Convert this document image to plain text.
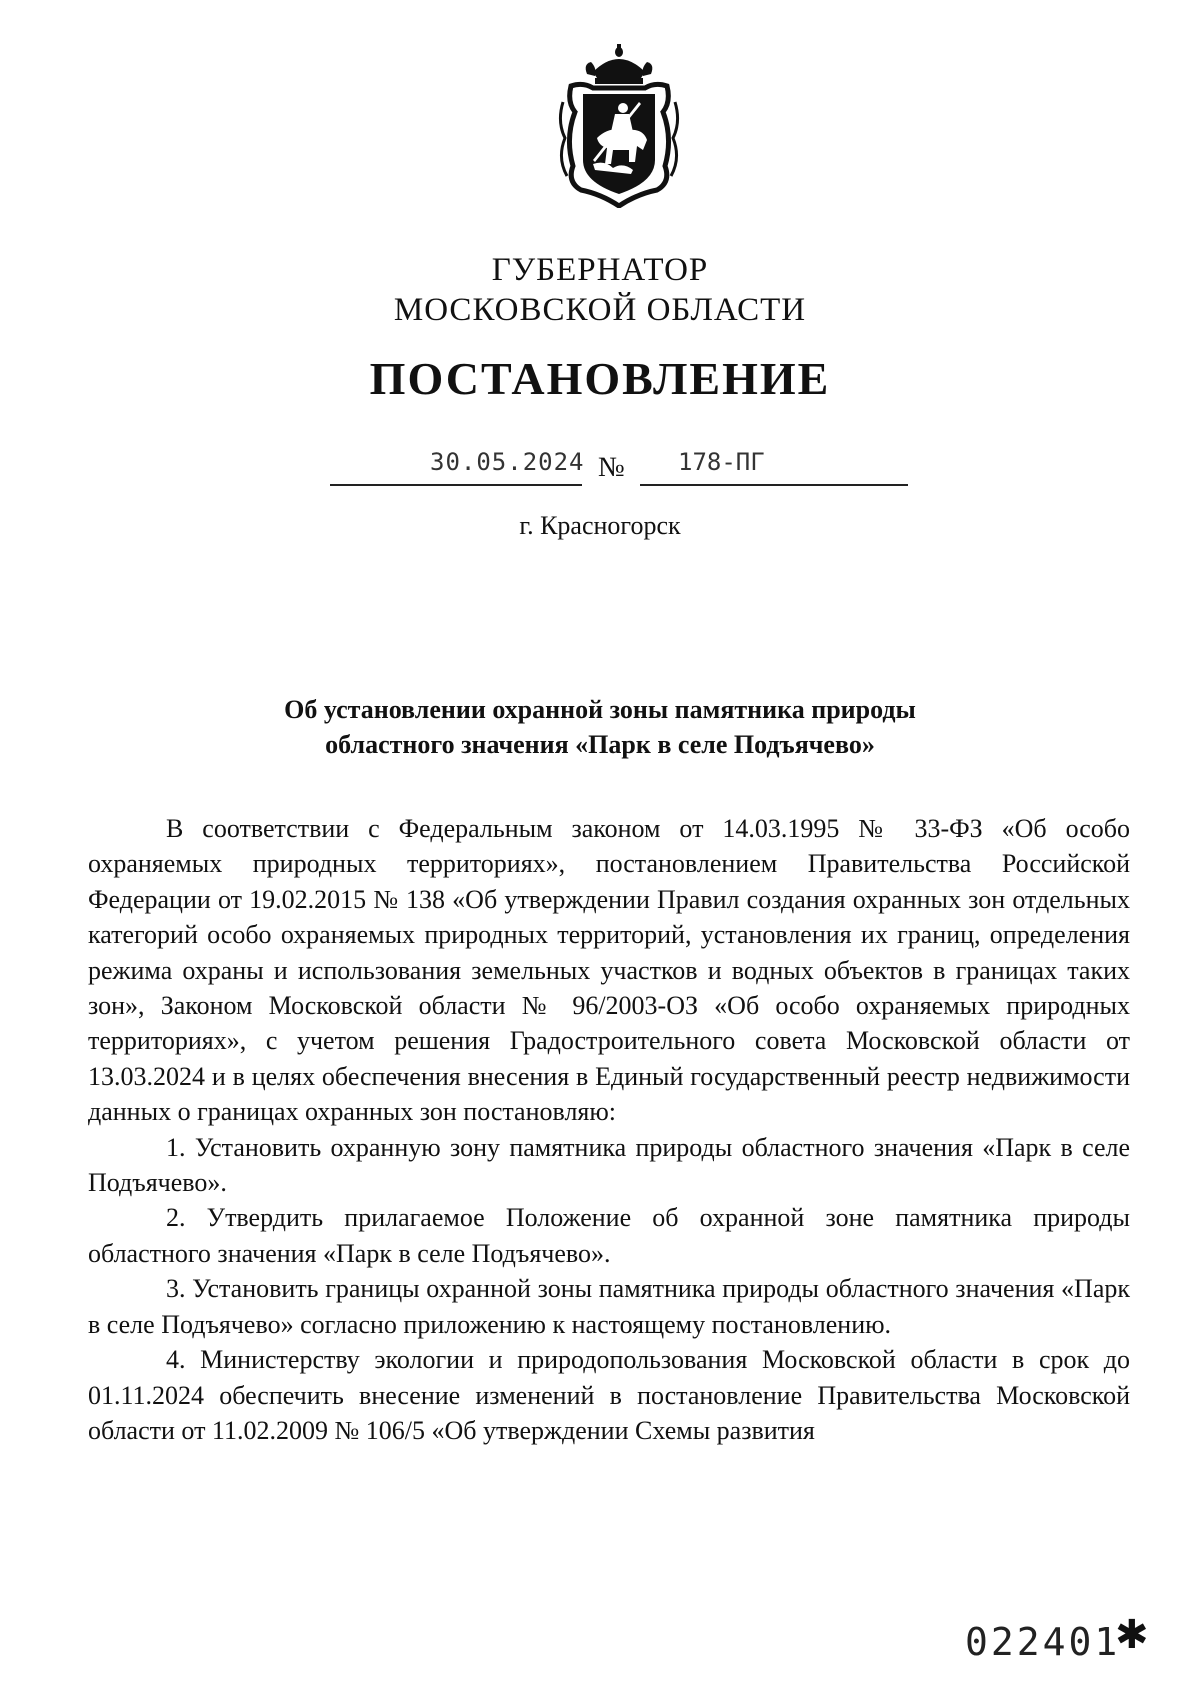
ГУБЕРНАТОР
МОСКОВСКОЙ ОБЛАСТИ
ПОСТАНОВЛЕНИЕ
30.05.2024 № 178-ПГ
г. Красногорск
Об установлении охранной зоны памятника природы
областного значения «Парк в селе Подъячево»

В соответствии с Федеральным законом от 14.03.1995 № 33-ФЗ «Об особо охраняемых природных территориях», постановлением Правительства Российской Федерации от 19.02.2015 № 138 «Об утверждении Правил создания охранных зон отдельных категорий особо охраняемых природных территорий, установления их границ, определения режима охраны и использования земельных участков и водных объектов в границах таких зон», Законом Московской области № 96/2003-ОЗ «Об особо охраняемых природных территориях», с учетом решения Градостроительного совета Московской области от 13.03.2024 и в целях обеспечения внесения в Единый государственный реестр недвижимости данных о границах охранных зон постановляю:

1. Установить охранную зону памятника природы областного значения «Парк в селе Подъячево».

2. Утвердить прилагаемое Положение об охранной зоне памятника природы областного значения «Парк в селе Подъячево».

3. Установить границы охранной зоны памятника природы областного значения «Парк в селе Подъячево» согласно приложению к настоящему постановлению.

4. Министерству экологии и природопользования Московской области в срок до 01.11.2024 обеспечить внесение изменений в постановление Правительства Московской области от 11.02.2009 № 106/5 «Об утверждении Схемы развития

022401
✱
